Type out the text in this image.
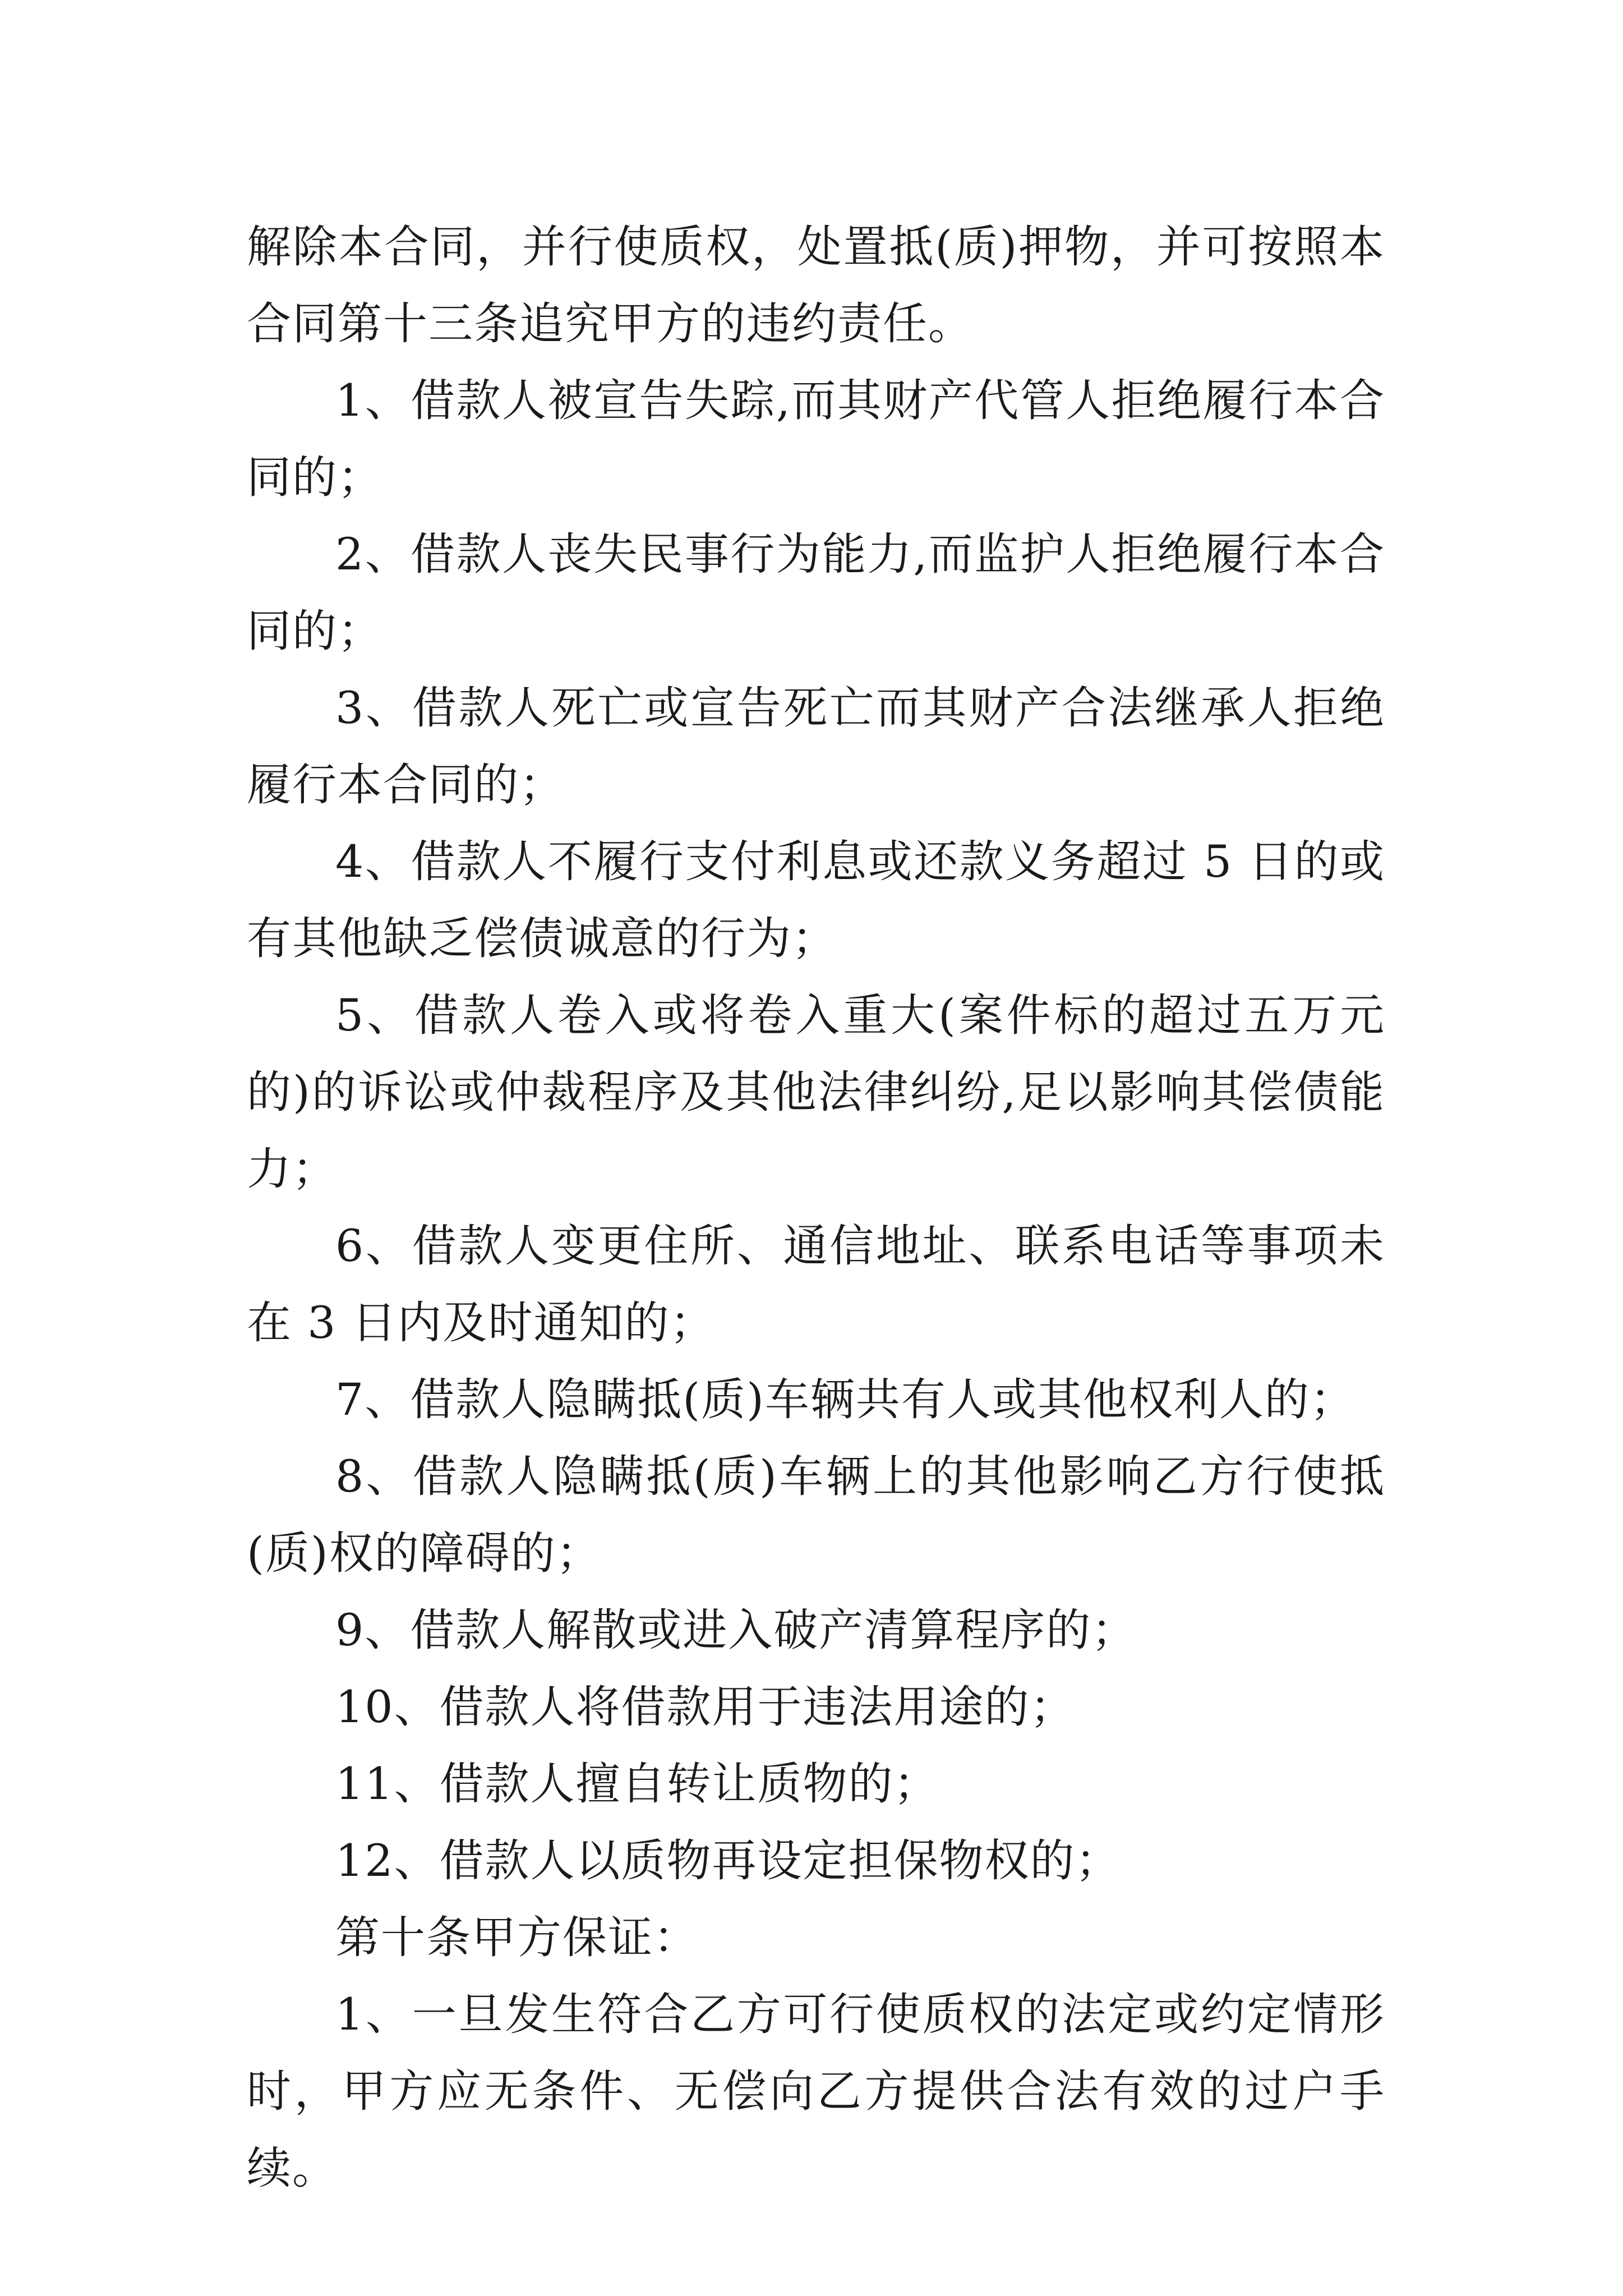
解除本合同，并行使质权，处置抵(质)押物，并可按照本合同第十三条追究甲方的违约责任。

1、借款人被宣告失踪,而其财产代管人拒绝履行本合同的；

2、借款人丧失民事行为能力,而监护人拒绝履行本合同的；

3、借款人死亡或宣告死亡而其财产合法继承人拒绝履行本合同的；

4、借款人不履行支付利息或还款义务超过 5 日的或有其他缺乏偿债诚意的行为；

5、借款人卷入或将卷入重大(案件标的超过五万元的)的诉讼或仲裁程序及其他法律纠纷,足以影响其偿债能力；

6、借款人变更住所、通信地址、联系电话等事项未在 3 日内及时通知的；

7、借款人隐瞒抵(质)车辆共有人或其他权利人的；

8、借款人隐瞒抵(质)车辆上的其他影响乙方行使抵(质)权的障碍的；

9、借款人解散或进入破产清算程序的；

10、借款人将借款用于违法用途的；

11、借款人擅自转让质物的；

12、借款人以质物再设定担保物权的；

第十条甲方保证：

1、一旦发生符合乙方可行使质权的法定或约定情形时，甲方应无条件、无偿向乙方提供合法有效的过户手续。
